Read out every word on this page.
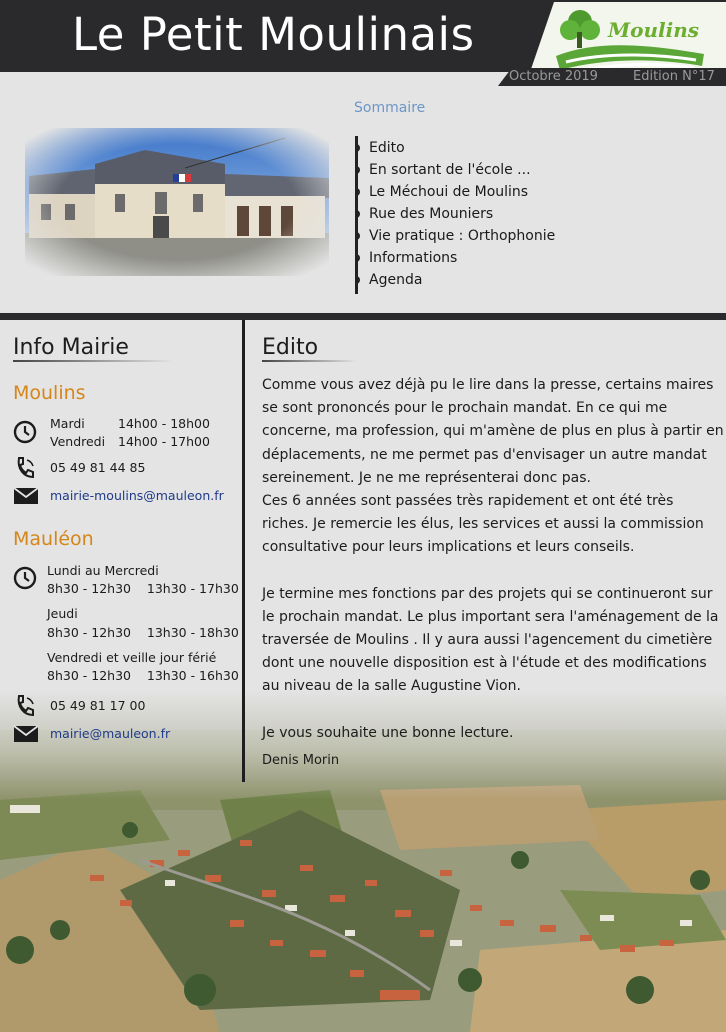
Le Petit Moulinais	Moulins
Octobre 2019	Edition N°17
Sommaire
Edito
En sortant de l'école ...
Le Méchoui de Moulins
Rue des Mouniers
Vie pratique : Orthophonie
Informations
Agenda
Info Mairie
Moulins
Mardi	14h00 - 18h00
Vendredi 14h00 - 17h00
05 49 81 44 85
mairie-moulins@mauleon.fr
Mauléon
Lundi au Mercredi
8h30 - 12h30    13h30 - 17h30
Jeudi
8h30 - 12h30    13h30 - 18h30
Vendredi et veille jour férié
8h30 - 12h30    13h30 - 16h30
05 49 81 17 00
mairie@mauleon.fr
Edito

Comme vous avez déjà pu le lire dans la presse, certains maires se sont prononcés pour le prochain mandat. En ce qui me concerne, ma profession, qui m'amène de plus en plus à partir en déplacements, ne me permet pas d'envisager un autre mandat sereinement. Je ne me représenterai donc pas.

Ces 6 années sont passées très rapidement et ont été très riches. Je remercie les élus, les services et aussi la commission consultative pour leurs implications et leurs conseils.

Je termine mes fonctions par des projets qui se continueront sur le prochain mandat. Le plus important sera l'aménagement de la traversée de Moulins . Il y aura aussi l'agencement du cimetière dont une nouvelle disposition est à l'étude et des modifications au niveau de la salle Augustine Vion.

Je vous souhaite une bonne lecture.

Denis Morin
